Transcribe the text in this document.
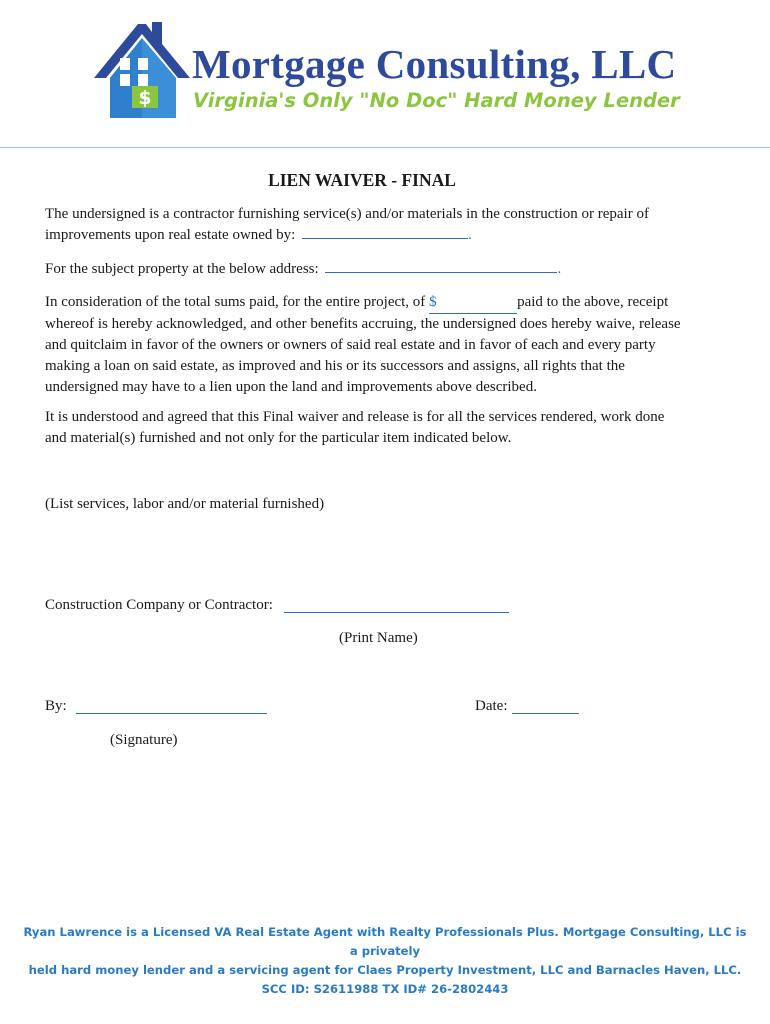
$
Mortgage Consulting, LLC
Virginia's Only "No Doc" Hard Money Lender
LIEN WAIVER - FINAL

The undersigned is a contractor furnishing service(s) and/or materials in the construction or repair of
improvements upon real estate owned by:	.

For the subject property at the below address:	.

In consideration of the total sums paid, for the entire project, of $	paid to the above, receipt whereof is hereby acknowledged, and other benefits accruing, the undersigned does hereby waive, release and quitclaim in favor of the owners or owners of said real estate and in favor of each and every party making a loan on said estate, as improved and his or its successors and assigns, all rights that the undersigned may have to a lien upon the land and improvements above described.

It is understood and agreed that this Final waiver and release is for all the services rendered, work done and material(s) furnished and not only for the particular item indicated below.

(List services, labor and/or material furnished)
Construction Company or Contractor:
(Print Name)
By:	Date:
(Signature)
Ryan Lawrence is a Licensed VA Real Estate Agent with Realty Professionals Plus. Mortgage Consulting, LLC is a privately
held hard money lender and a servicing agent for Claes Property Investment, LLC and Barnacles Haven, LLC.
SCC ID: S2611988 TX ID# 26-2802443
